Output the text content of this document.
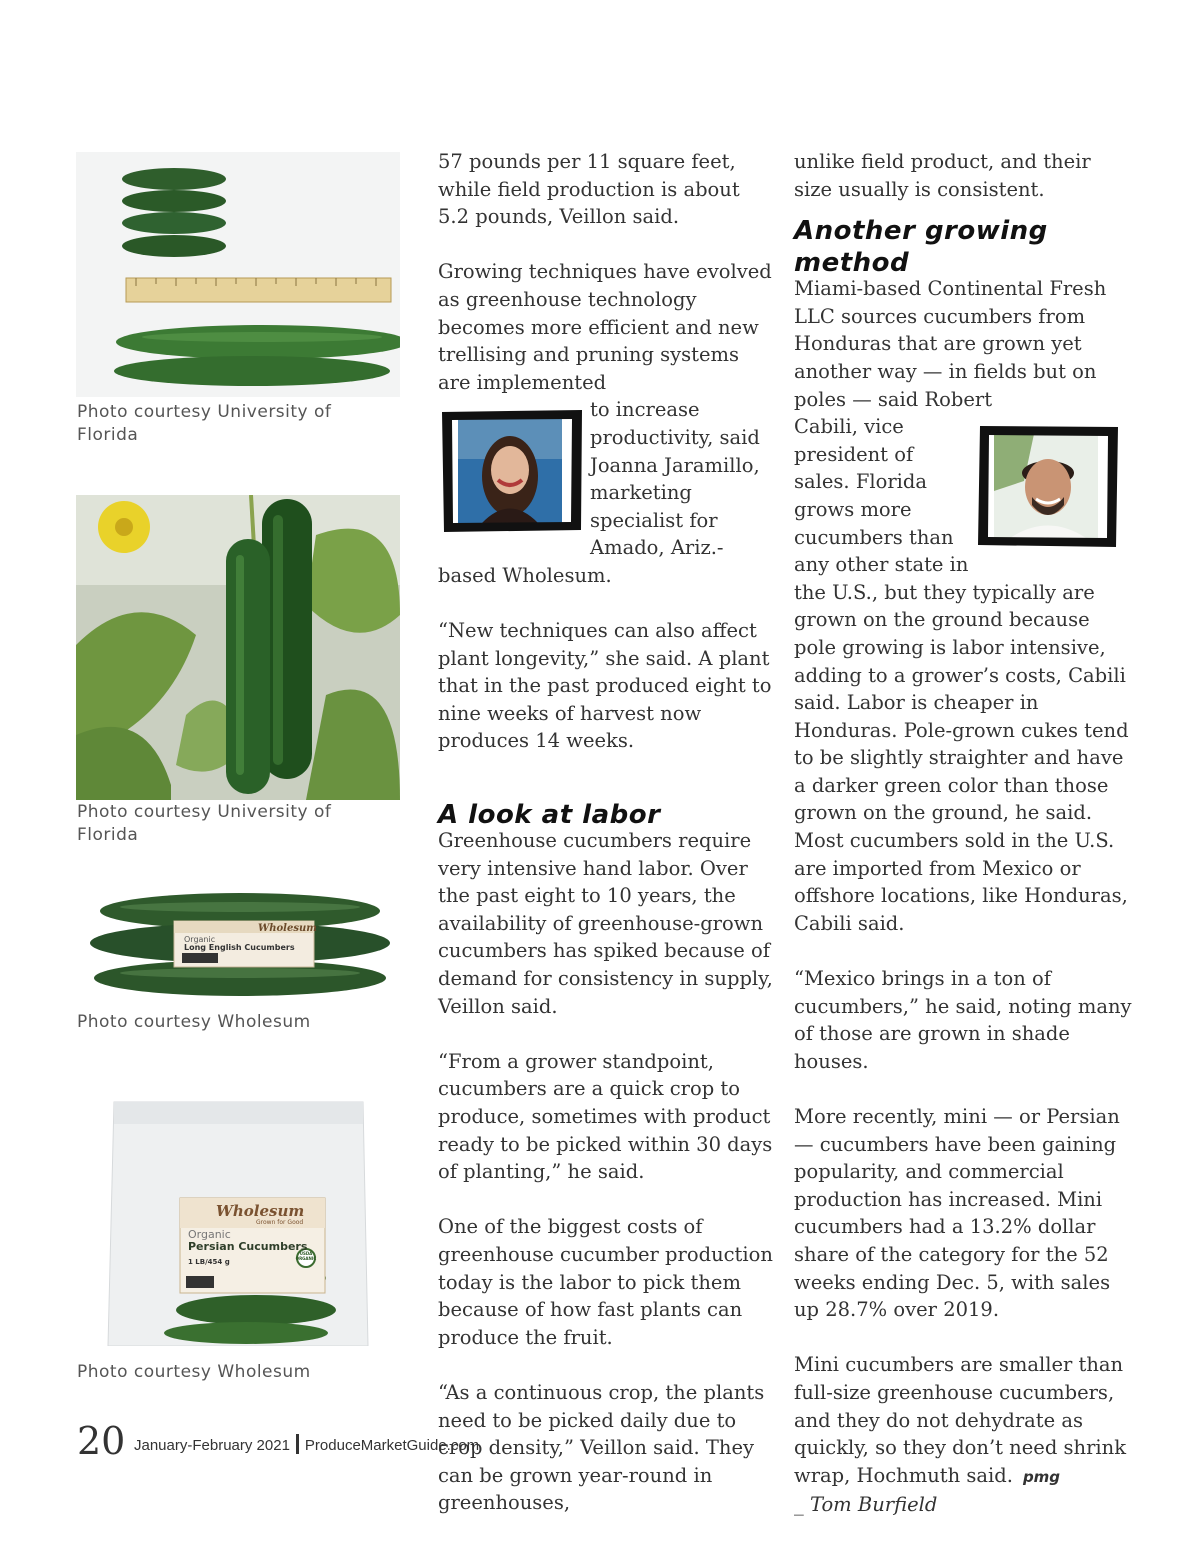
Photo courtesy University of Florida
Photo courtesy University of Florida
Wholesum
Organic
Long English Cucumbers
Photo courtesy Wholesum
Wholesum
Grown for Good
Organic
Persian Cucumbers
1 LB/454 g
USDA ORGANIC
Photo courtesy Wholesum

57 pounds per 11 square feet, while field production is about 5.2 pounds, Veillon said.

Growing techniques have evolved as greenhouse technology becomes more efficient and new trellising and pruning systems are implemented

to increase productivity, said Joanna Jaramillo, marketing specialist for Amado, Ariz.-based Wholesum.

“New techniques can also affect plant longevity,” she said. A plant that in the past produced eight to nine weeks of harvest now produces 14 weeks.

A look at labor

Greenhouse cucumbers require very intensive hand labor. Over the past eight to 10 years, the availability of greenhouse-grown cucumbers has spiked because of demand for consistency in supply, Veillon said.

“From a grower standpoint, cucumbers are a quick crop to produce, sometimes with product ready to be picked within 30 days of planting,” he said.

One of the biggest costs of greenhouse cucumber production today is the labor to pick them because of how fast plants can produce the fruit.

“As a continuous crop, the plants need to be picked daily due to crop density,” Veillon said. They can be grown year-round in greenhouses,

unlike field product, and their size usually is consistent.

Another growing method

Miami-based Continental Fresh LLC sources cucumbers from Honduras that are grown yet another way — in fields but on poles — said Robert

Cabili, vice president of sales. Florida grows more cucumbers than any other state in the U.S., but they typically are grown on the ground because pole growing is labor intensive, adding to a grower’s costs, Cabili said. Labor is cheaper in Honduras. Pole-grown cukes tend to be slightly straighter and have a darker green color than those grown on the ground, he said. Most cucumbers sold in the U.S. are imported from Mexico or offshore locations, like Honduras, Cabili said.

“Mexico brings in a ton of cucumbers,” he said, noting many of those are grown in shade houses.

More recently, mini — or Persian — cucumbers have been gaining popularity, and commercial production has increased. Mini cucumbers had a 13.2% dollar share of the category for the 52 weeks ending Dec. 5, with sales up 28.7% over 2019.

Mini cucumbers are smaller than full-size greenhouse cucumbers, and they do not dehydrate as quickly, so they don’t need shrink wrap, Hochmuth said. pmg

_ Tom Burfield

20 January-February 2021 ProduceMarketGuide.com
